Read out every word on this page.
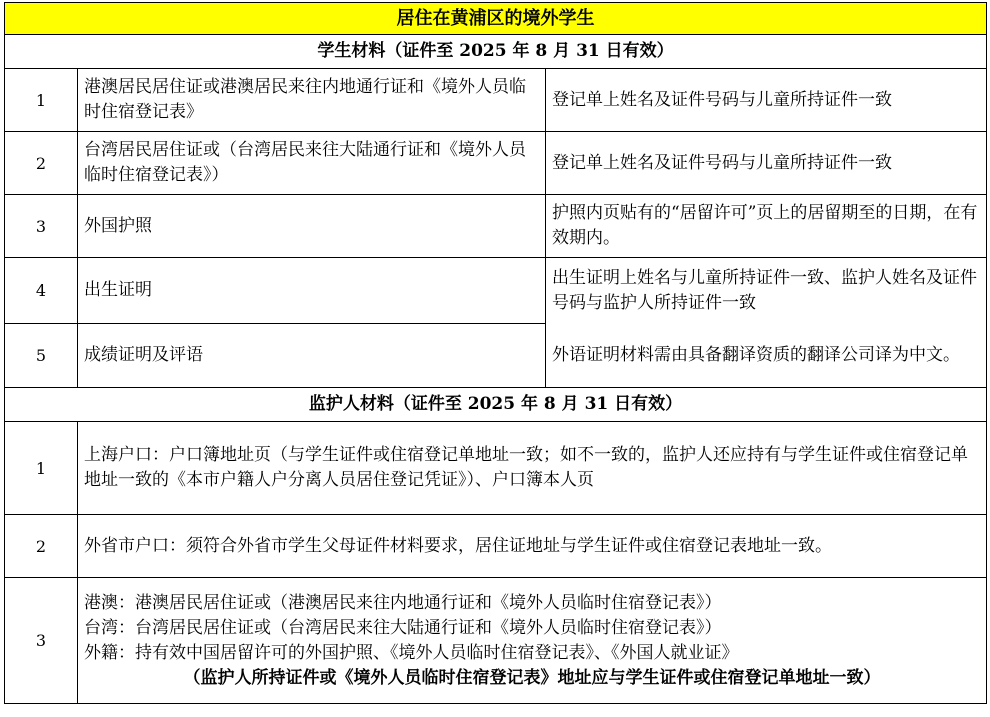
居住在黄浦区的境外学生		
学生材料（证件至 2025 年 8 月 31 日有效）		
1	港澳居民居住证或港澳居民来往内地通行证和《境外人员临时住宿登记表》	登记单上姓名及证件号码与儿童所持证件一致
2	台湾居民居住证或（台湾居民来往大陆通行证和《境外人员临时住宿登记表》）	登记单上姓名及证件号码与儿童所持证件一致
3	外国护照	护照内页贴有的“居留许可”页上的居留期至的日期，在有效期内。
4	出生证明	出生证明上姓名与儿童所持证件一致、监护人姓名及证件号码与监护人所持证件一致
5	成绩证明及评语	外语证明材料需由具备翻译资质的翻译公司译为中文。
监护人材料（证件至 2025 年 8 月 31 日有效）		
1	上海户口：户口簿地址页（与学生证件或住宿登记单地址一致；如不一致的，监护人还应持有与学生证件或住宿登记单地址一致的《本市户籍人户分离人员居住登记凭证》）、户口簿本人页	
2	外省市户口：须符合外省市学生父母证件材料要求，居住证地址与学生证件或住宿登记表地址一致。	
3	港澳：港澳居民居住证或（港澳居民来往内地通行证和《境外人员临时住宿登记表》）
台湾：台湾居民居住证或（台湾居民来往大陆通行证和《境外人员临时住宿登记表》）
外籍：持有效中国居留许可的外国护照、《境外人员临时住宿登记表》、《外国人就业证》
（监护人所持证件或《境外人员临时住宿登记表》地址应与学生证件或住宿登记单地址一致）	
